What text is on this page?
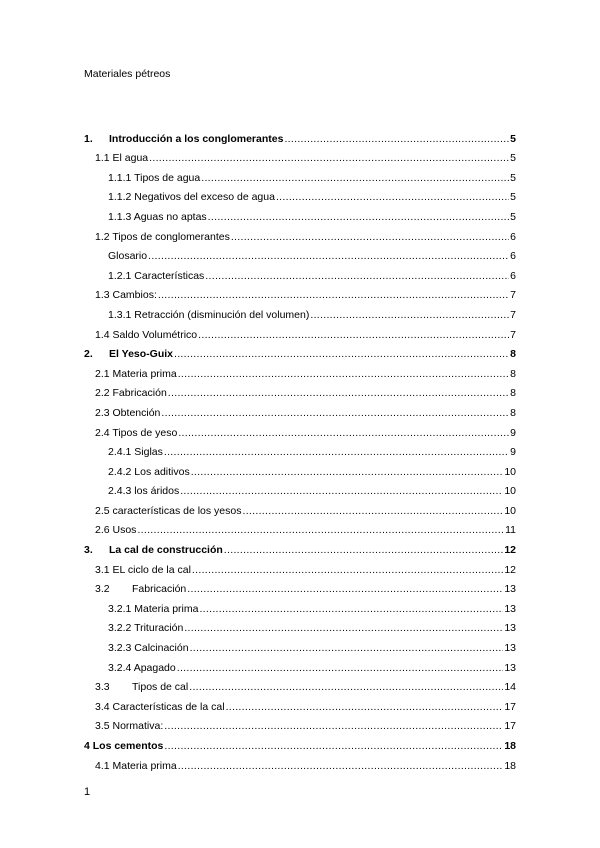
Materiales pétreos
1. Introducción a los conglomerantes .....	5
1.1 El agua .....	5
1.1.1 Tipos de agua .....	5
1.1.2 Negativos del exceso de agua .....	5
1.1.3 Aguas no aptas .....	5
1.2 Tipos de conglomerantes .....	6
Glosario .....	6
1.2.1 Características .....	6
1.3 Cambios: .....	7
1.3.1 Retracción (disminución del volumen) .....	7
1.4 Saldo Volumétrico .....	7
2. El Yeso-Guix .....	8
2.1 Materia prima .....	8
2.2 Fabricación .....	8
2.3 Obtención .....	8
2.4 Tipos de yeso .....	9
2.4.1 Siglas .....	9
2.4.2 Los aditivos .....	10
2.4.3 los áridos .....	10
2.5 características de los yesos .....	10
2.6 Usos .....	11
3. La cal de construcción .....	12
3.1 EL ciclo de la cal .....	12
3.2 Fabricación .....	13
3.2.1 Materia prima .....	13
3.2.2 Trituración .....	13
3.2.3 Calcinación .....	13
3.2.4 Apagado .....	13
3.3 Tipos de cal .....	14
3.4 Características de la cal .....	17
3.5 Normativa: .....	17
4 Los cementos .....	18
4.1 Materia prima .....	18
1
